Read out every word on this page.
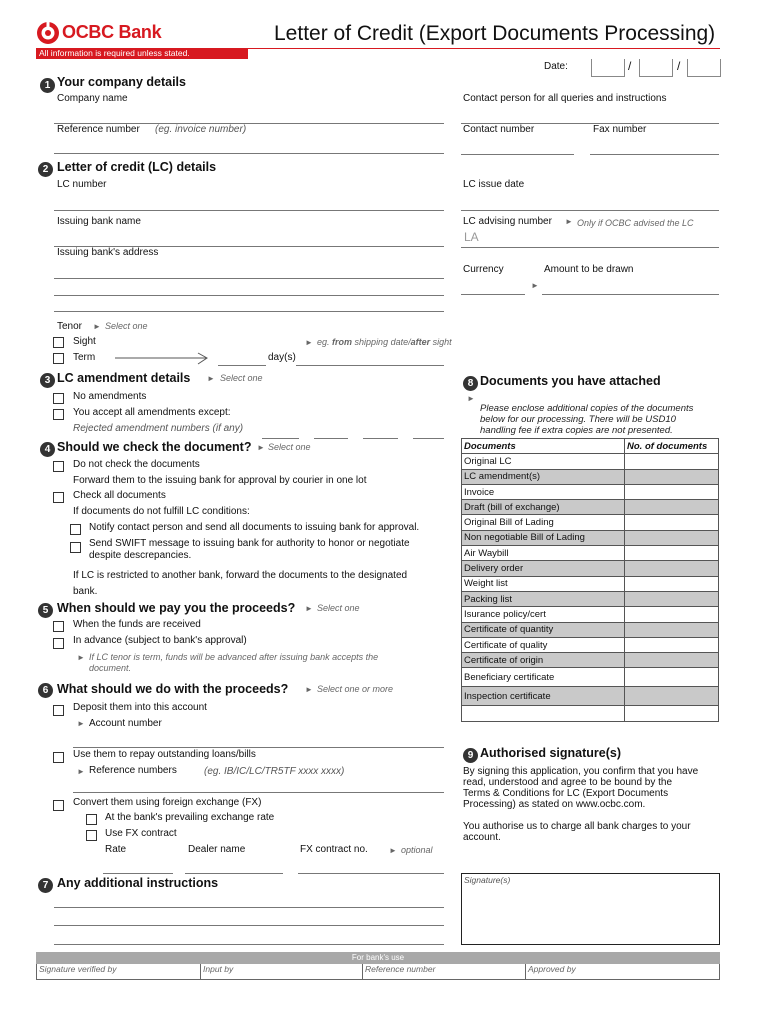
OCBC Bank	Letter of Credit (Export Documents Processing)
All information is required unless stated.
Date:	/	/
1 Your company details
Company name	Contact person for all queries and instructions
Reference number (eg. invoice number)	Contact number	Fax number
2 Letter of credit (LC) details
LC number	LC issue date
Issuing bank name	LC advising number ► Only if OCBC advised the LC
LA
Issuing bank's address
Currency	Amount to be drawn
►
Tenor ► Select one
Sight
Term	day(s)
► eg. from shipping date/after sight
3 LC amendment details ► Select one
No amendments
You accept all amendments except:
Rejected amendment numbers (if any)
4 Should we check the document? ► Select one
Do not check the documents
Forward them to the issuing bank for approval by courier in one lot
Check all documents
If documents do not fulfill LC conditions:
Notify contact person and send all documents to issuing bank for approval.
Send SWIFT message to issuing bank for authority to honor or negotiate
despite descrepancies.
If LC is restricted to another bank, forward the documents to the designated
bank.
5 When should we pay you the proceeds? ► Select one
When the funds are received
In advance (subject to bank's approval)
► If LC tenor is term, funds will be advanced after issuing bank accepts the
document.
6 What should we do with the proceeds? ► Select one or more
Deposit them into this account
► Account number
Use them to repay outstanding loans/bills
► Reference numbers	(eg. IB/IC/LC/TR5TF xxxx xxxx)
Convert them using foreign exchange (FX)
At the bank's prevailing exchange rate
Use FX contract
Rate	Dealer name	FX contract no.	► optional
7 Any additional instructions
8 Documents you have attached
►
Please enclose additional copies of the documents
below for our processing. There will be USD10
handling fee if extra copies are not presented.
Documents	No. of documents
Original LC	
LC amendment(s)	
Invoice	
Draft (bill of exchange)	
Original Bill of Lading	
Non negotiable Bill of Lading	
Air Waybill	
Delivery order	
Weight list	
Packing list	
Isurance policy/cert	
Certificate of quantity	
Certificate of quality	
Certificate of origin	
Beneficiary certificate	
Inspection certificate	

9 Authorised signature(s)
By signing this application, you confirm that you have
read, understood and agree to be bound by the
Terms & Conditions for LC (Export Documents
Processing) as stated on www.ocbc.com.
You authorise us to charge all bank charges to your
account.
Signature(s)
For bank's use
Signature verified by	Input by	Reference number	Approved by
